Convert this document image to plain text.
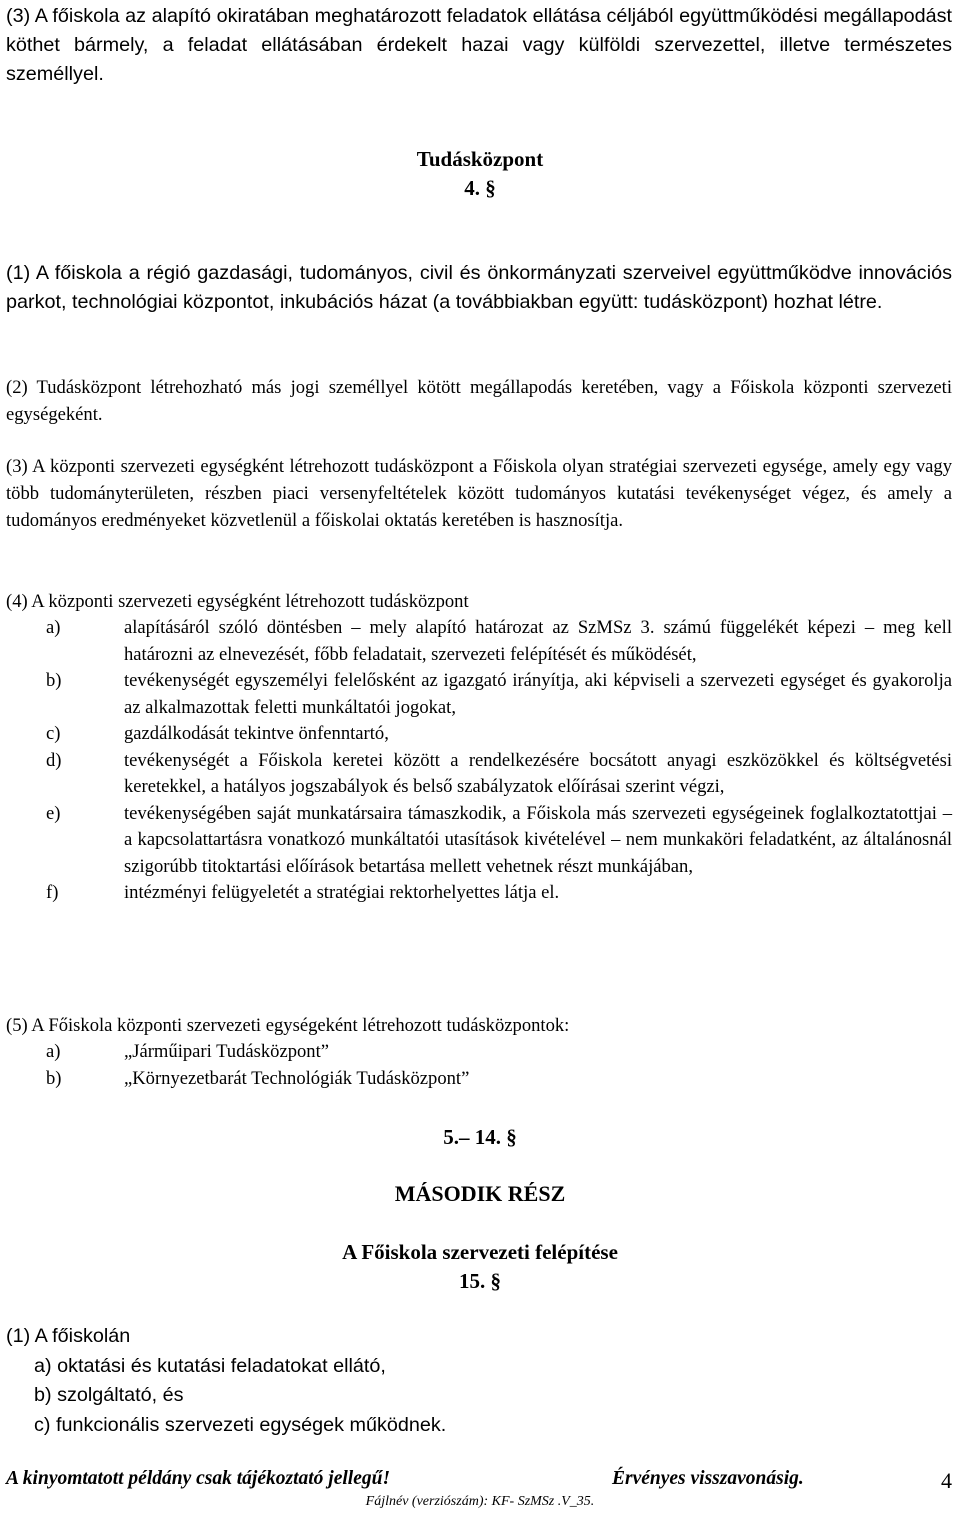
(3) A főiskola az alapító okiratában meghatározott feladatok ellátása céljából együttműködési megállapodást köthet bármely, a feladat ellátásában érdekelt hazai vagy külföldi szervezettel, illetve természetes személlyel.

Tudásközpont
4. §

(1) A főiskola a régió gazdasági, tudományos, civil és önkormányzati szerveivel együttműködve innovációs parkot, technológiai központot, inkubációs házat (a továbbiakban együtt: tudásközpont) hozhat létre.

(2) Tudásközpont létrehozható más jogi személlyel kötött megállapodás keretében, vagy a Főiskola központi szervezeti egységeként.

(3) A központi szervezeti egységként létrehozott tudásközpont a Főiskola olyan stratégiai szervezeti egysége, amely egy vagy több tudományterületen, részben piaci versenyfeltételek között tudományos kutatási tevékenységet végez, és amely a tudományos eredményeket közvetlenül a főiskolai oktatás keretében is hasznosítja.

(4) A központi szervezeti egységként létrehozott tudásközpont

a)	alapításáról szóló döntésben – mely alapító határozat az SzMSz 3. számú függelékét képezi – meg kell határozni az elnevezését, főbb feladatait, szervezeti felépítését és működését,
b)	tevékenységét egyszemélyi felelősként az igazgató irányítja, aki képviseli a szervezeti egységet és gyakorolja az alkalmazottak feletti munkáltatói jogokat,
c)	gazdálkodását tekintve önfenntartó,
d)	tevékenységét a Főiskola keretei között a rendelkezésére bocsátott anyagi eszközökkel és költségvetési keretekkel, a hatályos jogszabályok és belső szabályzatok előírásai szerint végzi,
e)	tevékenységében saját munkatársaira támaszkodik, a Főiskola más szervezeti egységeinek foglalkoztatottjai – a kapcsolattartásra vonatkozó munkáltatói utasítások kivételével – nem munkaköri feladatként, az általánosnál szigorúbb titoktartási előírások betartása mellett vehetnek részt munkájában,
f)	intézményi felügyeletét a stratégiai rektorhelyettes látja el.

(5) A Főiskola központi szervezeti egységeként létrehozott tudásközpontok:

a)	„Járműipari Tudásközpont”
b)	„Környezetbarát Technológiák Tudásközpont”
5.– 14. §
MÁSODIK RÉSZ
A Főiskola szervezeti felépítése
15. §
(1) A főiskolán
a) oktatási és kutatási feladatokat ellátó,
b) szolgáltató, és
c) funkcionális szervezeti egységek működnek.
A kinyomtatott példány csak tájékoztató jellegű!	Érvényes visszavonásig.	4
Fájlnév (verziószám): KF- SzMSz .V_35.
